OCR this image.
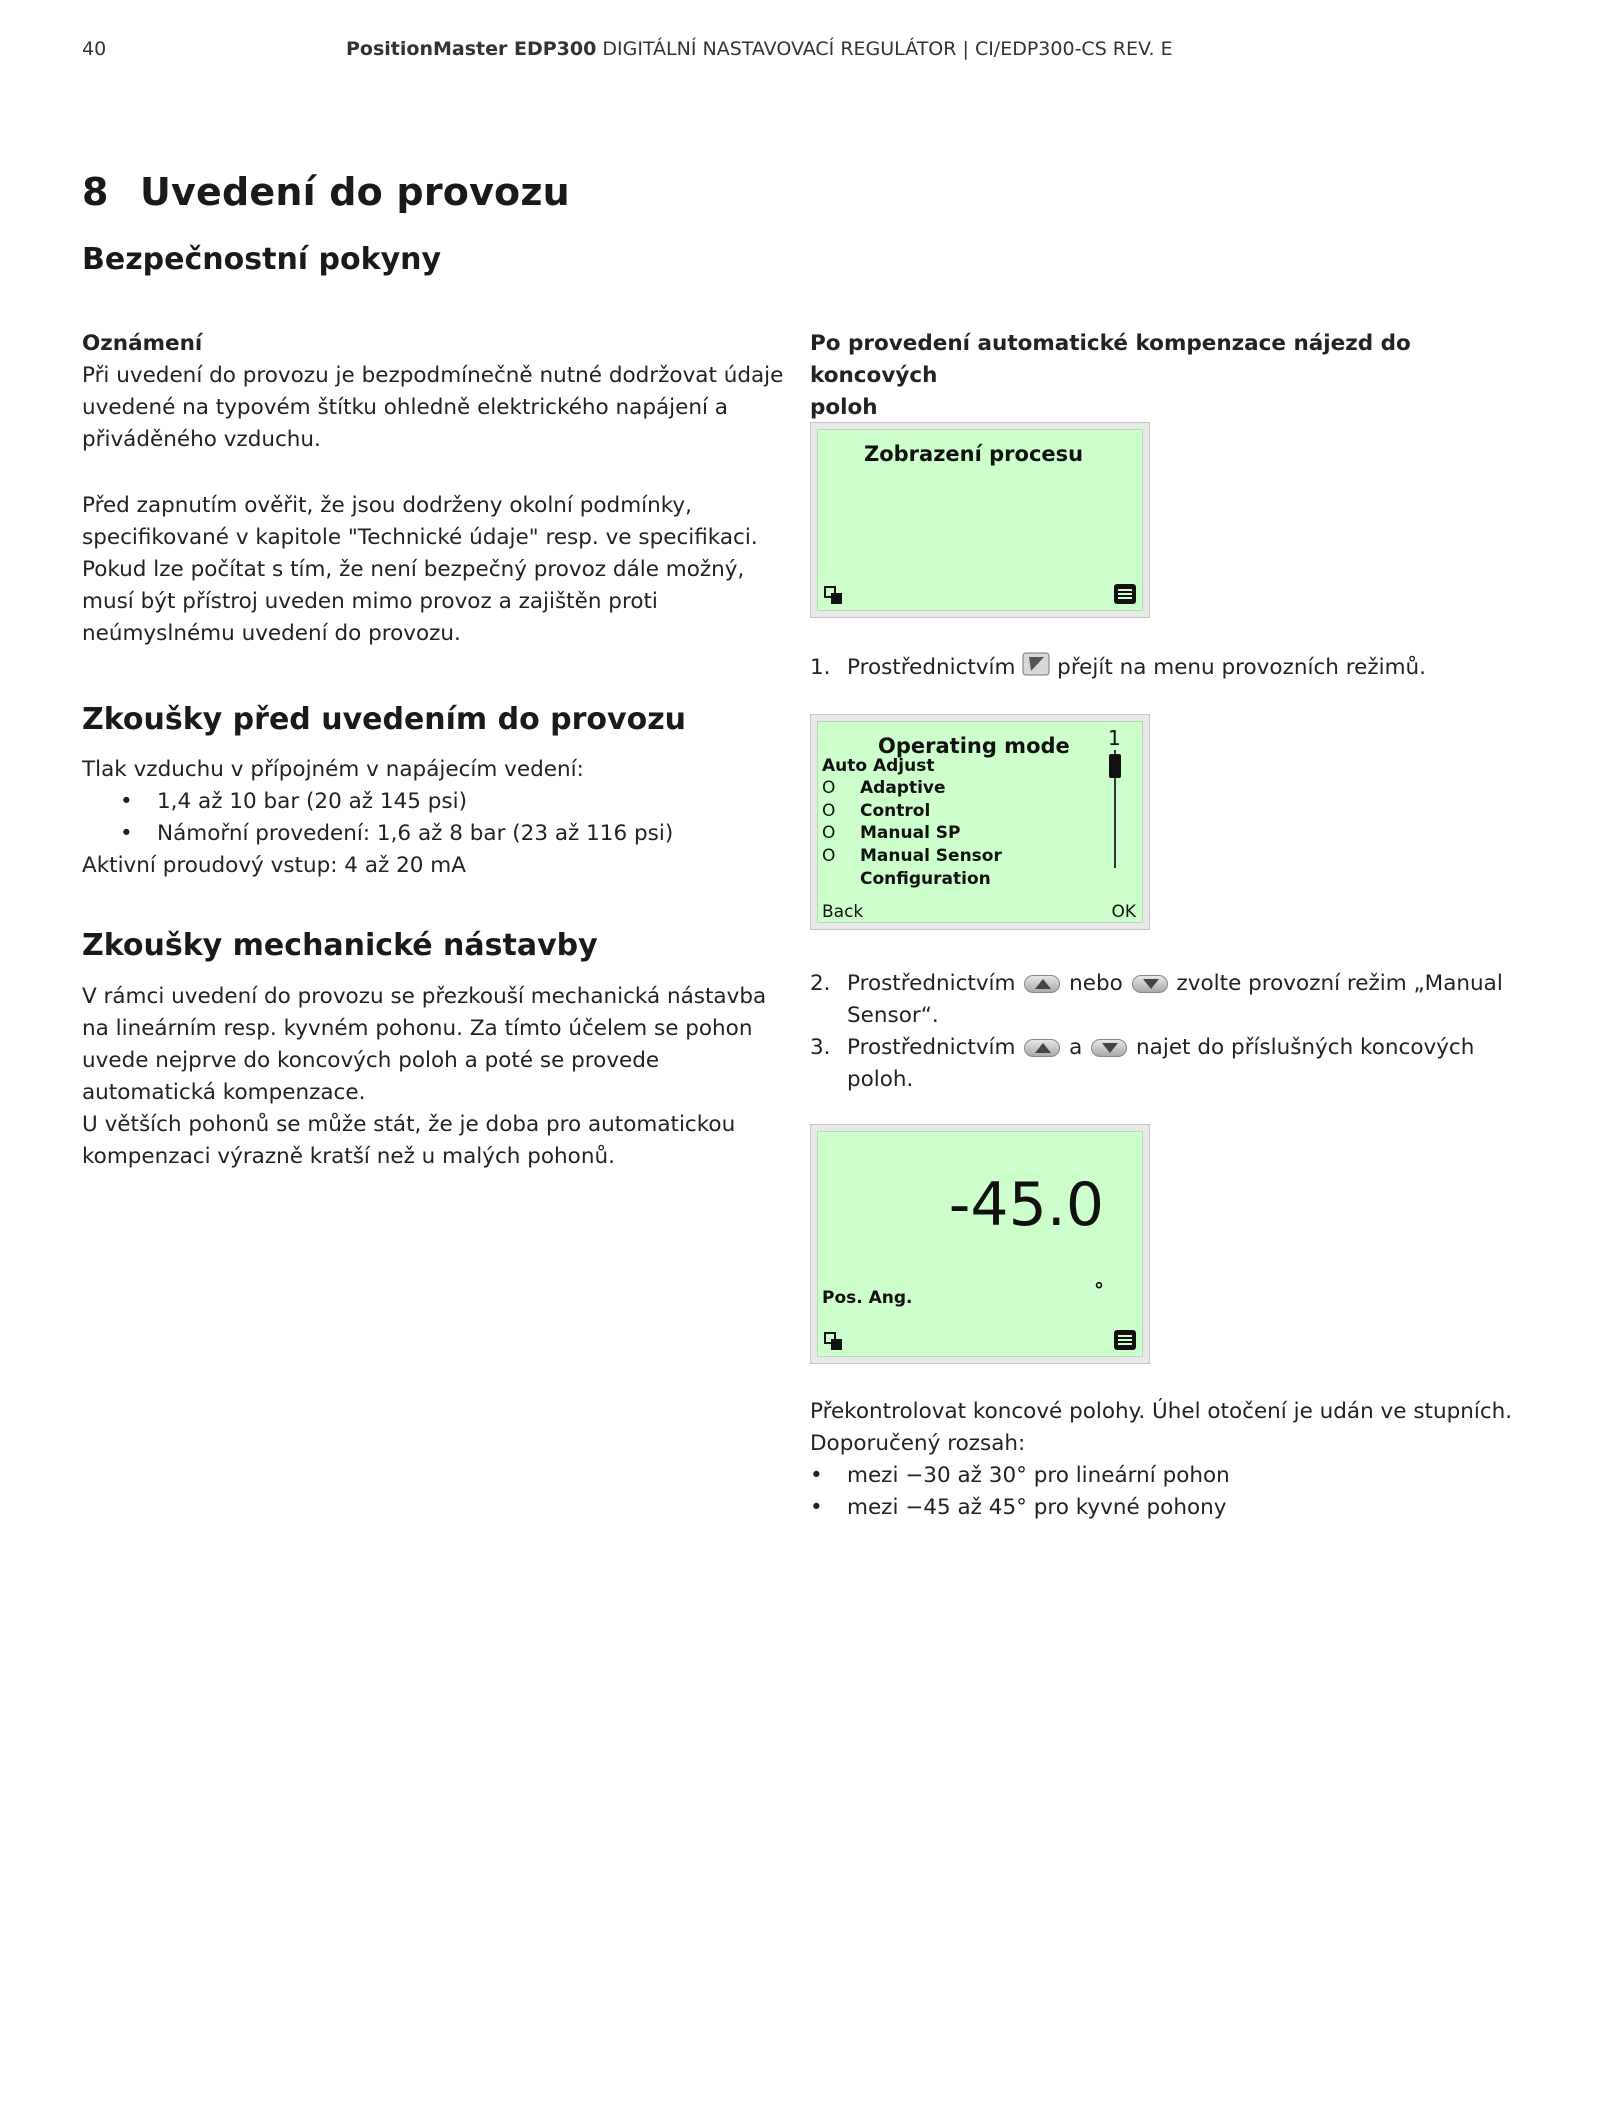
40	PositionMaster EDP300 DIGITÁLNÍ NASTAVOVACÍ REGULÁTOR | CI/EDP300-CS REV. E
8 Uvedení do provozu
Bezpečnostní pokyny
Oznámení
Při uvedení do provozu je bezpodmínečně nutné dodržovat údaje
uvedené na typovém štítku ohledně elektrického napájení a
přiváděného vzduchu.
Před zapnutím ověřit, že jsou dodrženy okolní podmínky,
specifikované v kapitole "Technické údaje" resp. ve specifikaci.
Pokud lze počítat s tím, že není bezpečný provoz dále možný,
musí být přístroj uveden mimo provoz a zajištěn proti
neúmyslnému uvedení do provozu.
Zkoušky před uvedením do provozu
Tlak vzduchu v přípojném v napájecím vedení:
• 1,4 až 10 bar (20 až 145 psi)
• Námořní provedení: 1,6 až 8 bar (23 až 116 psi)
Aktivní proudový vstup: 4 až 20 mA
Zkoušky mechanické nástavby
V rámci uvedení do provozu se přezkouší mechanická nástavba
na lineárním resp. kyvném pohonu. Za tímto účelem se pohon
uvede nejprve do koncových poloh a poté se provede
automatická kompenzace.
U větších pohonů se může stát, že je doba pro automatickou
kompenzaci výrazně kratší než u malých pohonů.
Po provedení automatické kompenzace nájezd do koncových
poloh
Zobrazení procesu
1. Prostřednictvím přejít na menu provozních režimů.
Operating mode 1
Auto Adjust
O Adaptive
O Control
O Manual SP
O Manual Sensor
Configuration
Back	OK
2. Prostřednictvím nebo zvolte provozní režim „Manual
Sensor“.
3. Prostřednictvím a najet do příslušných koncových
poloh.
-45.0
Pos. Ang.	°
Překontrolovat koncové polohy. Úhel otočení je udán ve stupních.
Doporučený rozsah:
• mezi −30 až 30° pro lineární pohon
• mezi −45 až 45° pro kyvné pohony
